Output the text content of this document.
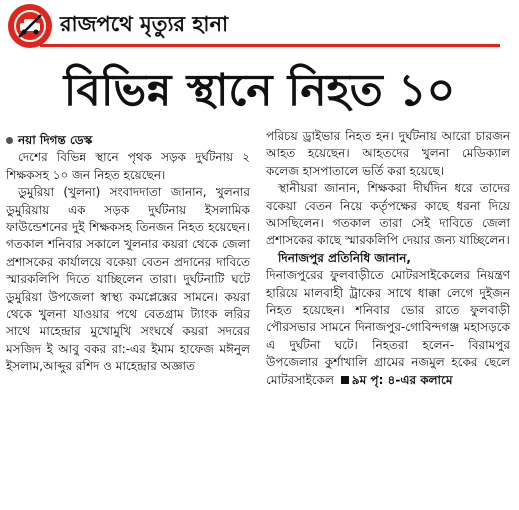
রাজপথে মৃত্যুর হানা
বিভিন্ন স্থানে নিহত ১০

নয়া দিগন্ত ডেস্ক

দেশের বিভিন্ন স্থানে পৃথক সড়ক দুর্ঘটনায় ২ শিক্ষকসহ ১০ জন নিহত হয়েছেন।

ডুমুরিয়া (খুলনা) সংবাদদাতা জানান, খুলনার ডুমুরিয়ায় এক সড়ক দুর্ঘটনায় ইসলামিক ফাউন্ডেশনের দুই শিক্ষকসহ তিনজন নিহত হয়েছেন। গতকাল শনিবার সকালে খুলনার কয়রা থেকে জেলা প্রশাসকের কার্যালয়ে বকেয়া বেতন প্রদানের দাবিতে স্মারকলিপি দিতে যাচ্ছিলেন তারা। দুর্ঘটনাটি ঘটে ডুমুরিয়া উপজেলা স্বাস্থ্য কমপ্লেক্সের সামনে। কয়রা থেকে খুলনা যাওয়ার পথে বেতগ্রাম ট্যাংক লরির সাথে মাহেন্দ্রার মুখোমুখি সংঘর্ষে কয়রা সদরের মসজিদ ই আবু বকর রা:-এর ইমাম হাফেজ মঈনুল ইসলাম,আব্দুর রশিদ ও মাহেন্দ্রার অজ্ঞাত

পরিচয় ড্রাইভার নিহত হন। দুর্ঘটনায় আরো চারজন আহত হয়েছেন। আহতদের খুলনা মেডিক্যাল কলেজ হাসপাতালে ভর্তি করা হয়েছে।

স্থানীয়রা জানান, শিক্ষকরা দীর্ঘদিন ধরে তাদের বকেয়া বেতন নিয়ে কর্তৃপক্ষের কাছে ধরনা দিয়ে আসছিলেন। গতকাল তারা সেই দাবিতে জেলা প্রশাসকের কাছে স্মারকলিপি দেয়ার জন্য যাচ্ছিলেন।

দিনাজপুর প্রতিনিধি জানান,

দিনাজপুরের ফুলবাড়ীতে মোটরসাইকেলের নিয়ন্ত্রণ হারিয়ে মালবাহী ট্রাকের সাথে ধাক্কা লেগে দুইজন নিহত হয়েছেন। শনিবার ভোর রাতে ফুলবাড়ী পৌরসভার সামনে দিনাজপুর-গোবিন্দগঞ্জ মহাসড়কে এ দুর্ঘটনা ঘটে। নিহতরা হলেন- বিরামপুর উপজেলার কুর্শাখালি গ্রামের নজমুল হকের ছেলে মোটরসাইকেল ৯ম পৃ: ৪-এর কলামে
